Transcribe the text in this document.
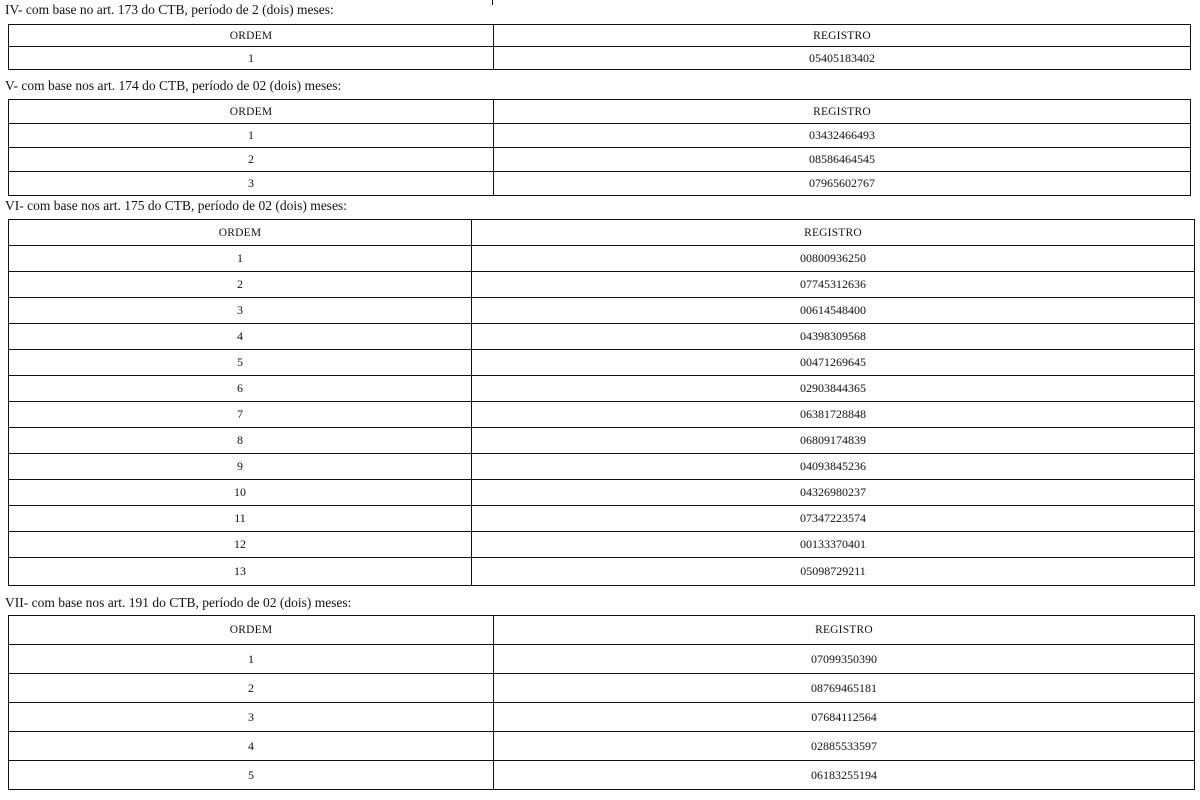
IV- com base no art. 173 do CTB, período de 2 (dois) meses:
ORDEM	REGISTRO
1	05405183402
V- com base nos art. 174 do CTB, período de 02 (dois) meses:
ORDEM	REGISTRO
1	03432466493
2	08586464545
3	07965602767
VI- com base nos art. 175 do CTB, período de 02 (dois) meses:
ORDEM	REGISTRO
1	00800936250
2	07745312636
3	00614548400
4	04398309568
5	00471269645
6	02903844365
7	06381728848
8	06809174839
9	04093845236
10	04326980237
11	07347223574
12	00133370401
13	05098729211
VII- com base nos art. 191 do CTB, período de 02 (dois) meses:
ORDEM	REGISTRO
1	07099350390
2	08769465181
3	07684112564
4	02885533597
5	06183255194
